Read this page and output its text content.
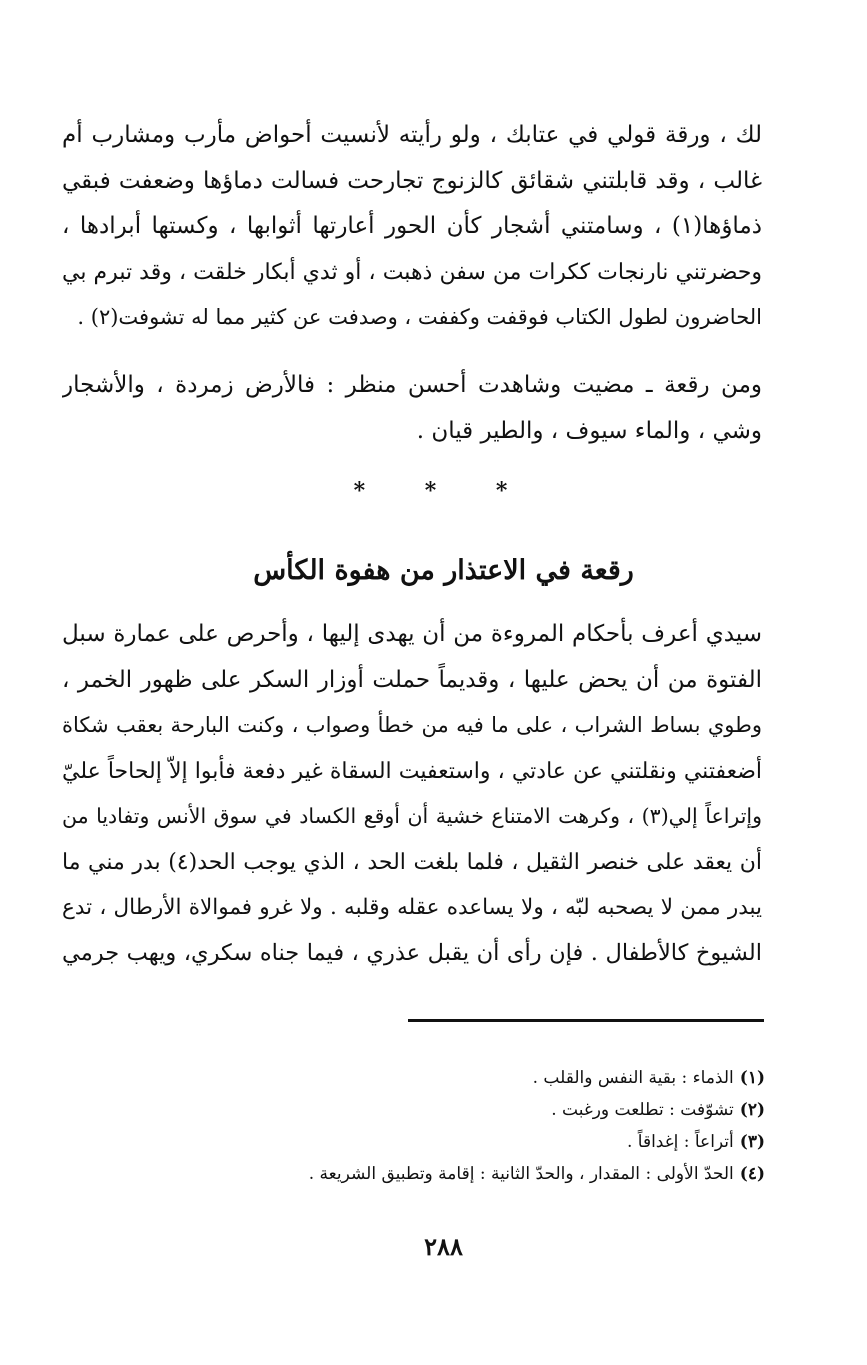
لك ، ورقة قولي في عتابك ، ولو رأيته لأنسيت أحواض مأرب ومشارب أم
غالب ، وقد قابلتني شقائق كالزنوج تجارحت فسالت دماؤها وضعفت فبقي
ذماؤها(١) ، وسامتني أشجار كأن الحور أعارتها أثوابها ، وكستها أبرادها ،
وحضرتني نارنجات ككرات من سفن ذهبت ، أو ثدي أبكار خلقت ، وقد تبرم بي
الحاضرون لطول الكتاب فوقفت وكففت ، وصدفت عن كثير مما له تشوفت(٢) .
ومن رقعة ـ مضيت وشاهدت أحسن منظر : فالأرض زمردة ، والأشجار
وشي ، والماء سيوف ، والطير قيان .

* * *

رقعة في الاعتذار من هفوة الكأس
سيدي أعرف بأحكام المروءة من أن يهدى إليها ، وأحرص على عمارة سبل
الفتوة من أن يحض عليها ، وقديماً حملت أوزار السكر على ظهور الخمر ،
وطوي بساط الشراب ، على ما فيه من خطأ وصواب ، وكنت البارحة بعقب شكاة
أضعفتني ونقلتني عن عادتي ، واستعفيت السقاة غير دفعة فأبوا إلاّ إلحاحاً عليّ
وإتراعاً إلي(٣) ، وكرهت الامتناع خشية أن أوقع الكساد في سوق الأنس وتفاديا من
أن يعقد على خنصر الثقيل ، فلما بلغت الحد ، الذي يوجب الحد(٤) بدر مني ما
يبدر ممن لا يصحبه لبّه ، ولا يساعده عقله وقلبه . ولا غرو فموالاة الأرطال ، تدع
الشيوخ كالأطفال . فإن رأى أن يقبل عذري ، فيما جناه سكري، ويهب جرمي
(١)الذماء : بقية النفس والقلب .
(٢)تشوّفت : تطلعت ورغبت .
(٣)أتراعاً : إغداقاً .
(٤)الحدّ الأولى : المقدار ، والحدّ الثانية : إقامة وتطبيق الشريعة .

٢٨٨
